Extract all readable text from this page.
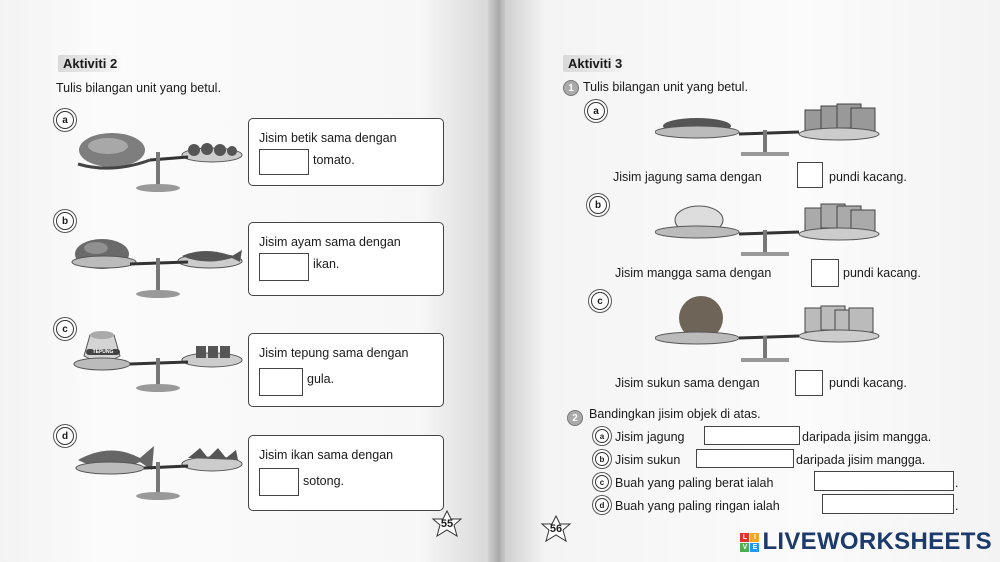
Aktiviti 2
Tulis bilangan unit yang betul.
a
Jisim betik sama dengan
tomato.
b
Jisim ayam sama dengan
ikan.
c
TEPUNG	Jisim tepung sama dengan
gula.
d
Jisim ikan sama dengan
sotong.
55
Aktiviti 3
1 Tulis bilangan unit yang betul.
a
Jisim jagung sama dengan	pundi kacang.
b
Jisim mangga sama dengan	pundi kacang.
c
Jisim sukun sama dengan	pundi kacang.
2 Bandingkan jisim objek di atas.
a Jisim jagung	daripada jisim mangga.
b Jisim sukun	daripada jisim mangga.
c Buah yang paling berat ialah	.
d Buah yang paling ringan ialah	.
56
L I
V E LIVEWORKSHEETS
